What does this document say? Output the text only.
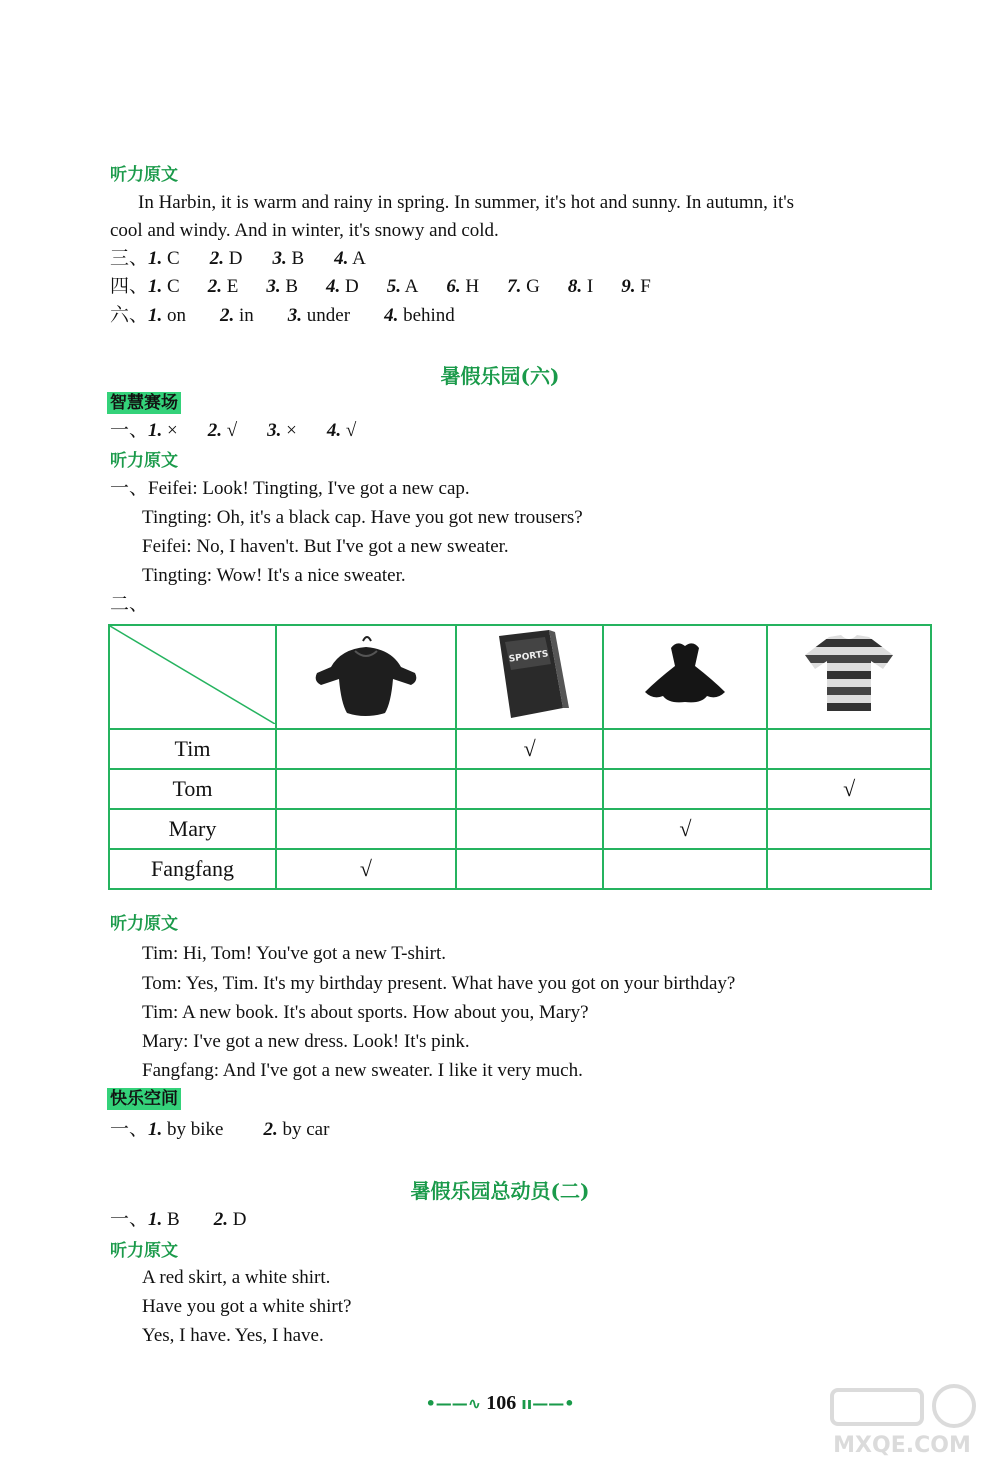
听力原文
In Harbin, it is warm and rainy in spring. In summer, it's hot and sunny. In autumn, it's
cool and windy. And in winter, it's snowy and cold.
三、1. C 2. D 3. B 4. A
四、1. C 2. E 3. B 4. D 5. A 6. H 7. G 8. I 9. F
六、1. on 2. in 3. under 4. behind
暑假乐园(六)
智慧赛场
一、1. × 2. √ 3. × 4. √
听力原文
一、Feifei: Look! Tingting, I've got a new cap.
Tingting: Oh, it's a black cap. Have you got new trousers?
Feifei: No, I haven't. But I've got a new sweater.
Tingting: Wow! It's a nice sweater.
二、

SPORTS

Tim		√		
Tom				√
Mary			√	
Fangfang	√			
听力原文
Tim: Hi, Tom! You've got a new T-shirt.
Tom: Yes, Tim. It's my birthday present. What have you got on your birthday?
Tim: A new book. It's about sports. How about you, Mary?
Mary: I've got a new dress. Look! It's pink.
Fangfang: And I've got a new sweater. I like it very much.
快乐空间
一、1. by bike 2. by car
暑假乐园总动员(二)
一、1. B 2. D
听力原文
A red skirt, a white shirt.
Have you got a white shirt?
Yes, I have. Yes, I have.
•——∿ 106 ıı——•
MXQE.COM
